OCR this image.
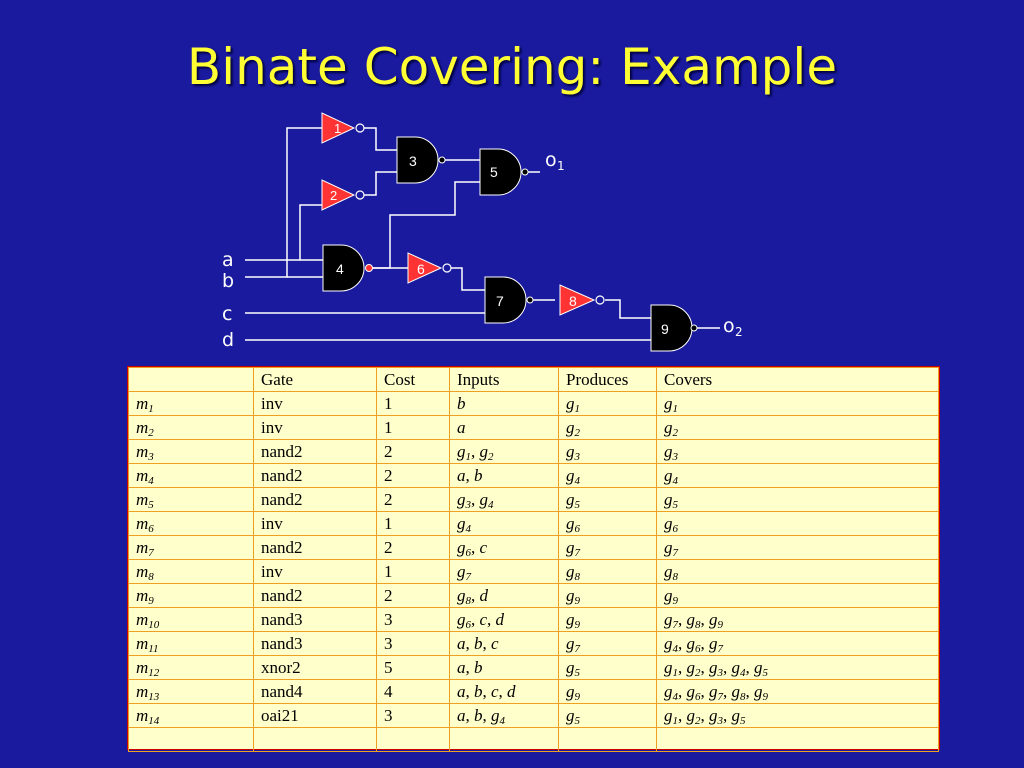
Binate Covering: Example
1
2
3
4
5
6
7	8
9
a
b
c
d
o 1
o 2
	Gate	Cost	Inputs	Produces	Covers
$m_1$	inv	1	b	$g_1$	$g_1$
$m_2$	inv	1	a	$g_2$	$g_2$
$m_3$	nand2	2	$g_1$, $g_2$	$g_3$	$g_3$
$m_4$	nand2	2	a, b	$g_4$	$g_4$
$m_5$	nand2	2	$g_3$, $g_4$	$g_5$	$g_5$
$m_6$	inv	1	$g_4$	$g_6$	$g_6$
$m_7$	nand2	2	$g_6$, c	$g_7$	$g_7$
$m_8$	inv	1	$g_7$	$g_8$	$g_8$
$m_9$	nand2	2	$g_8$, d	$g_9$	$g_9$
$m_{10}$	nand3	3	$g_6$, c, d	$g_9$	$g_7$, $g_8$, $g_9$
$m_{11}$	nand3	3	a, b, c	$g_7$	$g_4$, $g_6$, $g_7$
$m_{12}$	xnor2	5	a, b	$g_5$	$g_1$, $g_2$, $g_3$, $g_4$, $g_5$
$m_{13}$	nand4	4	a, b, c, d	$g_9$	$g_4$, $g_6$, $g_7$, $g_8$, $g_9$
$m_{14}$	oai21	3	a, b, $g_4$	$g_5$	$g_1$, $g_2$, $g_3$, $g_5$
